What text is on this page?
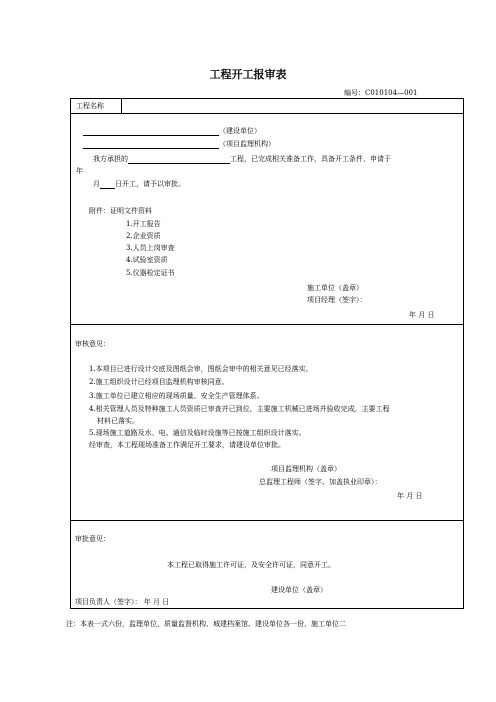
工程开工报审表
编号：C010104—001
工程名称
（建设单位）
（项目监理机构）
我方承担的	工程，已完成相关准备工作，具备开工条件，申请于
年
月 日开工，请予以审批。
附件：证明文件资料
1.开工报告
2.企业资质
3.人员上岗审查
4.试验室资质
5.仪器检定证书
施工单位（盖章）
项目经理（签字）：
年 月 日
审核意见：
1.本项目已进行设计交底及图纸会审，图纸会审中的相关意见已经落实。
2.施工组织设计已经项目监理机构审核同意。
3.施工单位已建立相应的现场质量、安全生产管理体系。
4.相关管理人员及特种施工人员资质已审查并已到位，主要施工机械已进场并验收完成，主要工程
材料已落实。
5.现场施工道路及水、电、通信及临时设施等已按施工组织设计落实。
经审查，本工程现场准备工作满足开工要求，请建设单位审批。
项目监理机构（盖章）
总监理工程师（签字、加盖执业印章）：
年 月 日
审批意见：
本工程已取得施工许可证，及安全许可证，同意开工。
建设单位（盖章）
项目负责人（签字）： 年 月 日
注：本表一式六份，监理单位、质量监督机构、城建档案馆、建设单位各一份，施工单位二
